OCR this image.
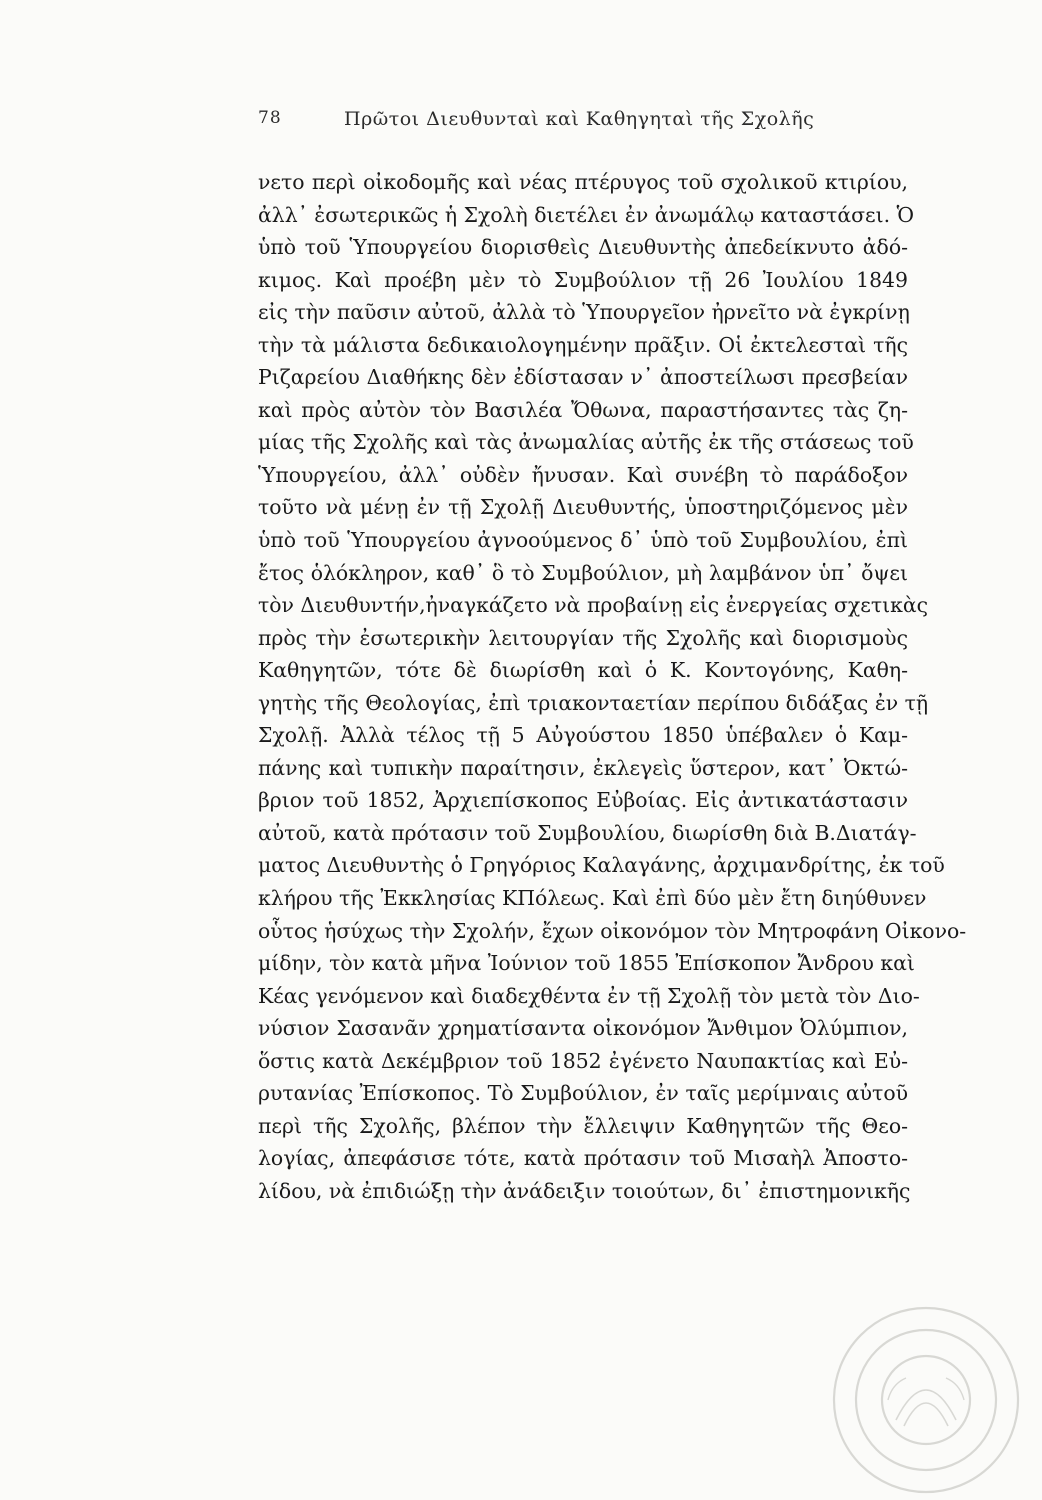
78	Πρῶτοι Διευθυνταὶ καὶ Καθηγηταὶ τῆς Σχολῆς
νετο περὶ οἰκοδομῆς καὶ νέας πτέρυγος τοῦ σχολικοῦ κτιρίου,
ἀλλ᾽ ἐσωτερικῶς ἡ Σχολὴ διετέλει ἐν ἀνωμάλῳ καταστάσει. Ὁ
ὑπὸ τοῦ Ὑπουργείου διορισθεὶς Διευθυντὴς ἀπεδείκνυτο ἀδό-
κιμος. Καὶ προέβη μὲν τὸ Συμβούλιον τῇ 26 Ἰουλίου 1849
εἰς τὴν παῦσιν αὐτοῦ, ἀλλὰ τὸ Ὑπουργεῖον ἠρνεῖτο νὰ ἐγκρίνῃ
τὴν τὰ μάλιστα δεδικαιολογημένην πρᾶξιν. Οἱ ἐκτελεσταὶ τῆς
Ριζαρείου Διαθήκης δὲν ἐδίστασαν ν᾽ ἀποστείλωσι πρεσβείαν
καὶ πρὸς αὐτὸν τὸν Βασιλέα Ὄθωνα, παραστήσαντες τὰς ζη-
μίας τῆς Σχολῆς καὶ τὰς ἀνωμαλίας αὐτῆς ἐκ τῆς στάσεως τοῦ
Ὑπουργείου, ἀλλ᾽ οὐδὲν ἤνυσαν. Καὶ συνέβη τὸ παράδοξον
τοῦτο νὰ μένῃ ἐν τῇ Σχολῇ Διευθυντής, ὑποστηριζόμενος μὲν
ὑπὸ τοῦ Ὑπουργείου ἀγνοούμενος δ᾽ ὑπὸ τοῦ Συμβουλίου, ἐπὶ
ἔτος ὁλόκληρον, καθ᾽ ὃ τὸ Συμβούλιον, μὴ λαμβάνον ὑπ᾽ ὄψει
τὸν Διευθυντήν,ἠναγκάζετο νὰ προβαίνῃ εἰς ἐνεργείας σχετικὰς
πρὸς τὴν ἐσωτερικὴν λειτουργίαν τῆς Σχολῆς καὶ διορισμοὺς
Καθηγητῶν, τότε δὲ διωρίσθη καὶ ὁ Κ. Κοντογόνης, Καθη-
γητὴς τῆς Θεολογίας, ἐπὶ τριακονταετίαν περίπου διδάξας ἐν τῇ
Σχολῇ. Ἀλλὰ τέλος τῇ 5 Αὐγούστου 1850 ὑπέβαλεν ὁ Καμ-
πάνης καὶ τυπικὴν παραίτησιν, ἐκλεγεὶς ὕστερον, κατ᾽ Ὀκτώ-
βριον τοῦ 1852, Ἀρχιεπίσκοπος Εὐβοίας. Εἰς ἀντικατάστασιν
αὐτοῦ, κατὰ πρότασιν τοῦ Συμβουλίου, διωρίσθη διὰ Β.Διατάγ-
ματος Διευθυντὴς ὁ Γρηγόριος Καλαγάνης, ἀρχιμανδρίτης, ἐκ τοῦ
κλήρου τῆς Ἐκκλησίας ΚΠόλεως. Καὶ ἐπὶ δύο μὲν ἔτη διηύθυνεν
οὗτος ἡσύχως τὴν Σχολήν, ἔχων οἰκονόμον τὸν Μητροφάνη Οἰκονο-
μίδην, τὸν κατὰ μῆνα Ἰούνιον τοῦ 1855 Ἐπίσκοπον Ἄνδρου καὶ
Κέας γενόμενον καὶ διαδεχθέντα ἐν τῇ Σχολῇ τὸν μετὰ τὸν Διο-
νύσιον Σασανᾶν χρηματίσαντα οἰκονόμον Ἄνθιμον Ὀλύμπιον,
ὅστις κατὰ Δεκέμβριον τοῦ 1852 ἐγένετο Ναυπακτίας καὶ Εὐ-
ρυτανίας Ἐπίσκοπος. Τὸ Συμβούλιον, ἐν ταῖς μερίμναις αὐτοῦ
περὶ τῆς Σχολῆς, βλέπον τὴν ἔλλειψιν Καθηγητῶν τῆς Θεο-
λογίας, ἀπεφάσισε τότε, κατὰ πρότασιν τοῦ Μισαὴλ Ἀποστο-
λίδου, νὰ ἐπιδιώξῃ τὴν ἀνάδειξιν τοιούτων, δι᾽ ἐπιστημονικῆς
